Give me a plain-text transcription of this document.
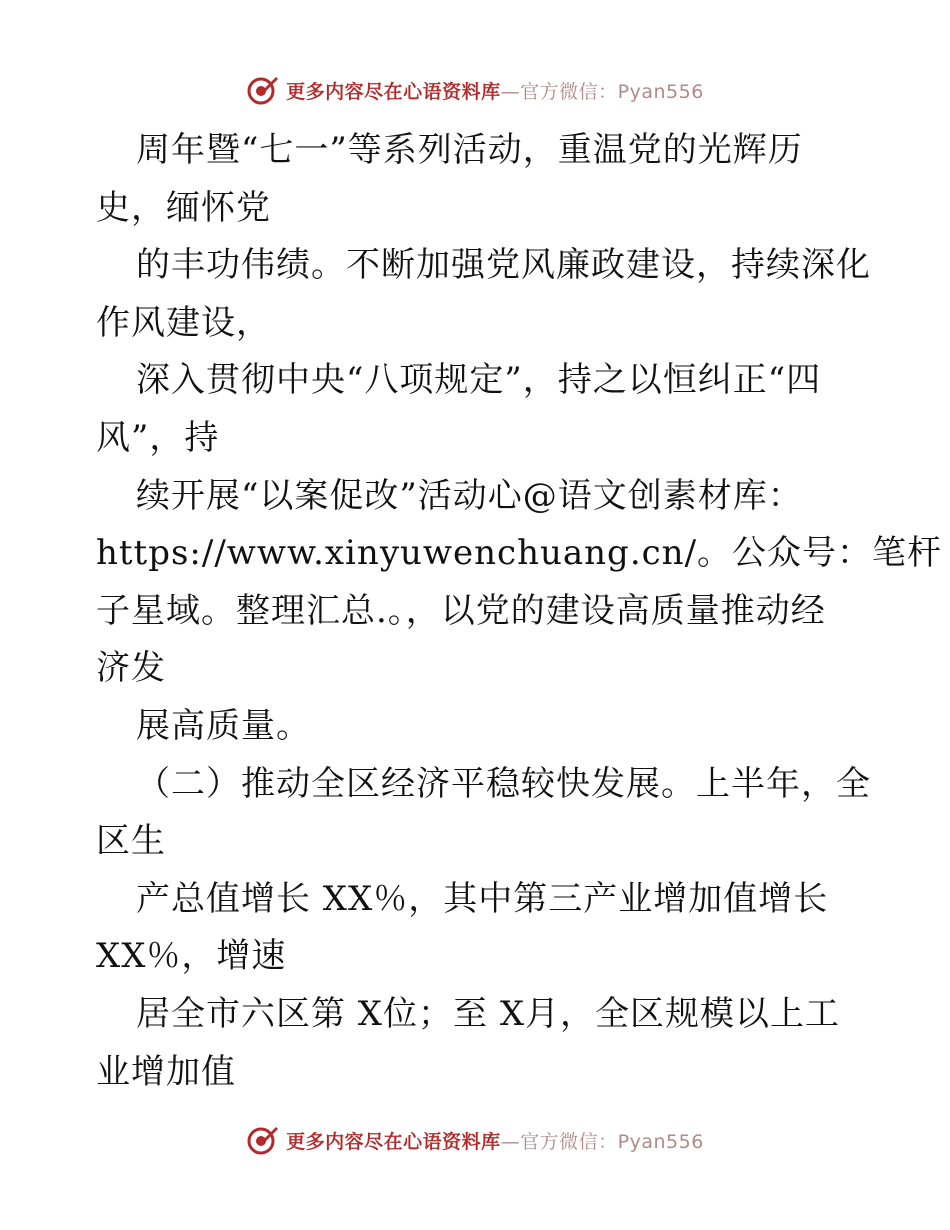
更多内容尽在心语资料库—官方微信：Pyan556
周年暨“七一”等系列活动，重温党的光辉历
史，缅怀党
的丰功伟绩。不断加强党风廉政建设，持续深化
作风建设，
深入贯彻中央“八项规定”，持之以恒纠正“四
风”，持
续开展“以案促改”活动心@语文创素材库：
https://www.xinyuwenchuang.cn/。公众号：笔杆
子星域。整理汇总.。，以党的建设高质量推动经
济发
展高质量。
（二）推动全区经济平稳较快发展。上半年，全
区生
产总值增长 XX％，其中第三产业增加值增长
XX％，增速
居全市六区第 X位；至 X月，全区规模以上工
业增加值
更多内容尽在心语资料库—官方微信：Pyan556
